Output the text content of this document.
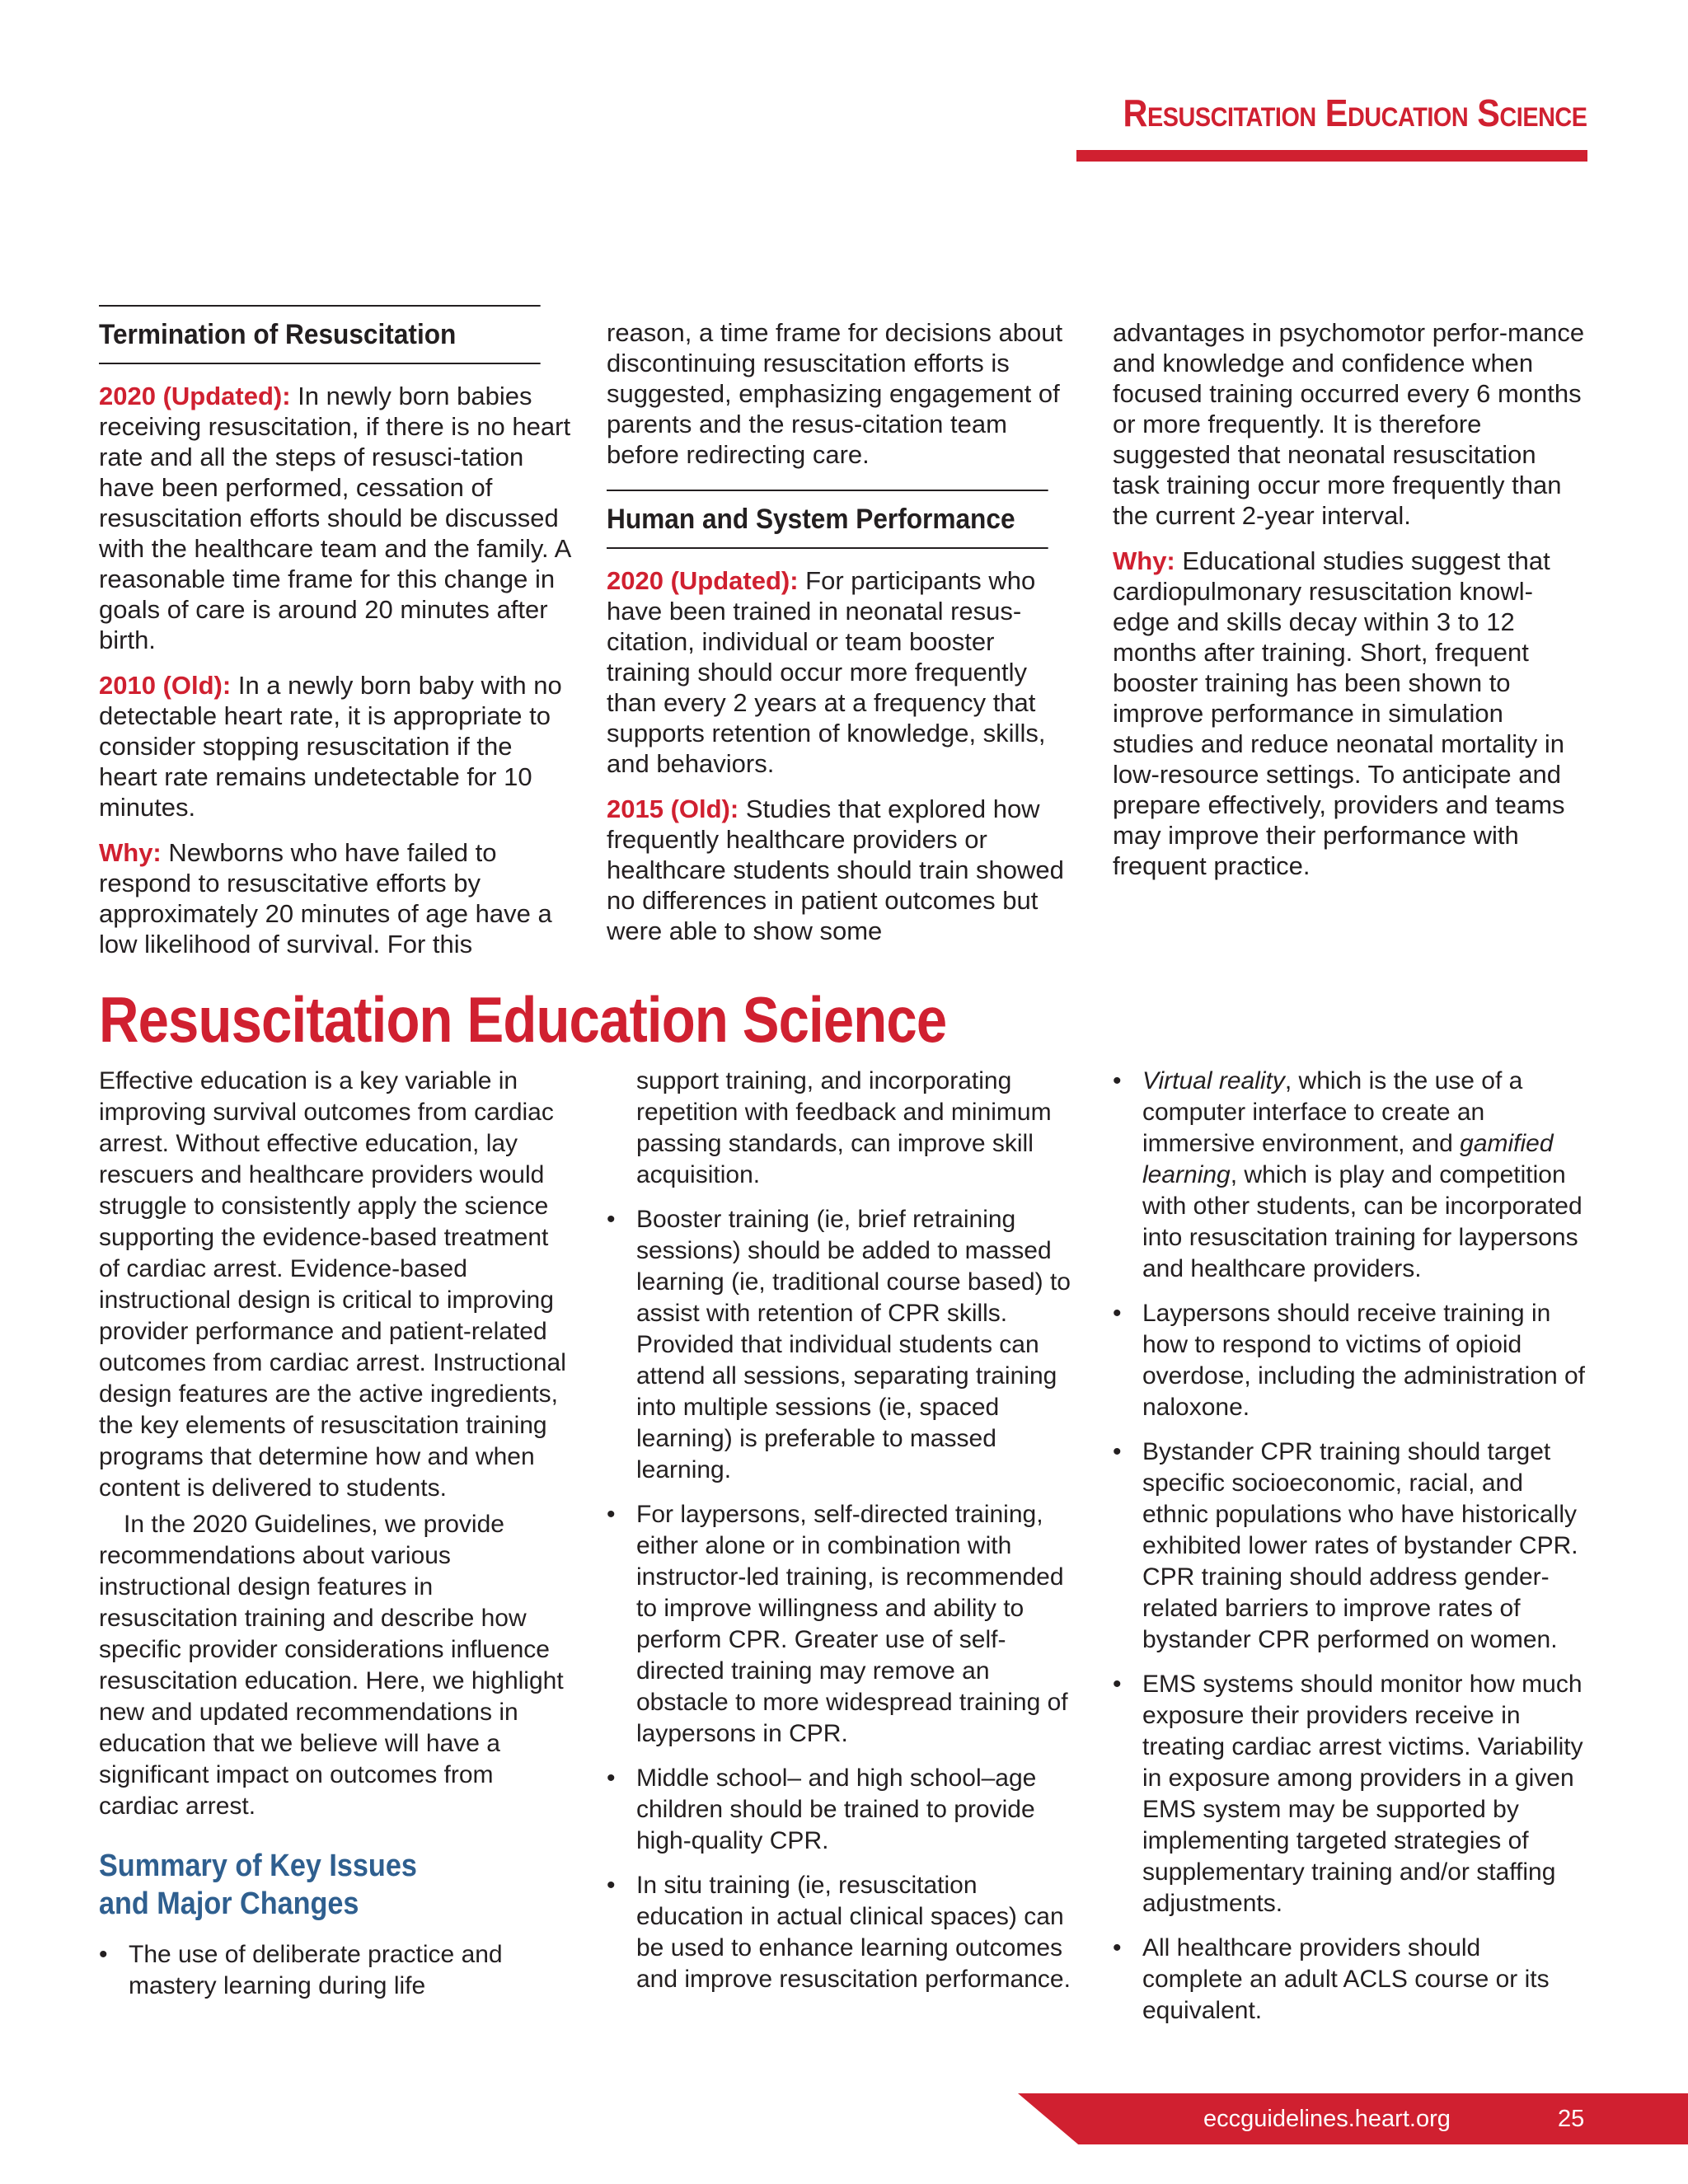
Resuscitation Education Science
Termination of Resuscitation

2020 (Updated): In newly born babies receiving resuscitation, if there is no heart rate and all the steps of resusci-tation have been performed, cessation of resuscitation efforts should be discussed with the healthcare team and the family. A reasonable time frame for this change in goals of care is around 20 minutes after birth.

2010 (Old): In a newly born baby with no detectable heart rate, it is appropriate to consider stopping resuscitation if the heart rate remains undetectable for 10 minutes.

Why: Newborns who have failed to respond to resuscitative efforts by approximately 20 minutes of age have a low likelihood of survival. For this

reason, a time frame for decisions about discontinuing resuscitation efforts is suggested, emphasizing engagement of parents and the resus-citation team before redirecting care.

Human and System Performance

2020 (Updated): For participants who have been trained in neonatal resus-citation, individual or team booster training should occur more frequently than every 2 years at a frequency that supports retention of knowledge, skills, and behaviors.

2015 (Old): Studies that explored how frequently healthcare providers or healthcare students should train showed no differences in patient outcomes but were able to show some

advantages in psychomotor perfor-mance and knowledge and confidence when focused training occurred every 6 months or more frequently. It is therefore suggested that neonatal resuscitation task training occur more frequently than the current 2-year interval.

Why: Educational studies suggest that cardiopulmonary resuscitation knowl-edge and skills decay within 3 to 12 months after training. Short, frequent booster training has been shown to improve performance in simulation studies and reduce neonatal mortality in low-resource settings. To anticipate and prepare effectively, providers and teams may improve their performance with frequent practice.

Resuscitation Education Science

Effective education is a key variable in improving survival outcomes from cardiac arrest. Without effective education, lay rescuers and healthcare providers would struggle to consistently apply the science supporting the evidence-based treatment of cardiac arrest. Evidence-based instructional design is critical to improving provider performance and patient-related outcomes from cardiac arrest. Instructional design features are the active ingredients, the key elements of resuscitation training programs that determine how and when content is delivered to students.

In the 2020 Guidelines, we provide recommendations about various instructional design features in resuscitation training and describe how specific provider considerations influence resuscitation education. Here, we highlight new and updated recommendations in education that we believe will have a significant impact on outcomes from cardiac arrest.

Summary of Key Issues
and Major Changes
• The use of deliberate practice and mastery learning during life
support training, and incorporating repetition with feedback and minimum passing standards, can improve skill acquisition.
• Booster training (ie, brief retraining sessions) should be added to massed learning (ie, traditional course based) to assist with retention of CPR skills. Provided that individual students can attend all sessions, separating training into multiple sessions (ie, spaced learning) is preferable to massed learning.
• For laypersons, self-directed training, either alone or in combination with instructor-led training, is recommended to improve willingness and ability to perform CPR. Greater use of self-directed training may remove an obstacle to more widespread training of laypersons in CPR.
• Middle school– and high school–age children should be trained to provide high-quality CPR.
• In situ training (ie, resuscitation education in actual clinical spaces) can be used to enhance learning outcomes and improve resuscitation performance.
• Virtual reality, which is the use of a computer interface to create an immersive environment, and gamified learning, which is play and competition with other students, can be incorporated into resuscitation training for laypersons and healthcare providers.
• Laypersons should receive training in how to respond to victims of opioid overdose, including the administration of naloxone.
• Bystander CPR training should target specific socioeconomic, racial, and ethnic populations who have historically exhibited lower rates of bystander CPR. CPR training should address gender-related barriers to improve rates of bystander CPR performed on women.
• EMS systems should monitor how much exposure their providers receive in treating cardiac arrest victims. Variability in exposure among providers in a given EMS system may be supported by implementing targeted strategies of supplementary training and/or staffing adjustments.
• All healthcare providers should complete an adult ACLS course or its equivalent.
eccguidelines.heart.org	25
